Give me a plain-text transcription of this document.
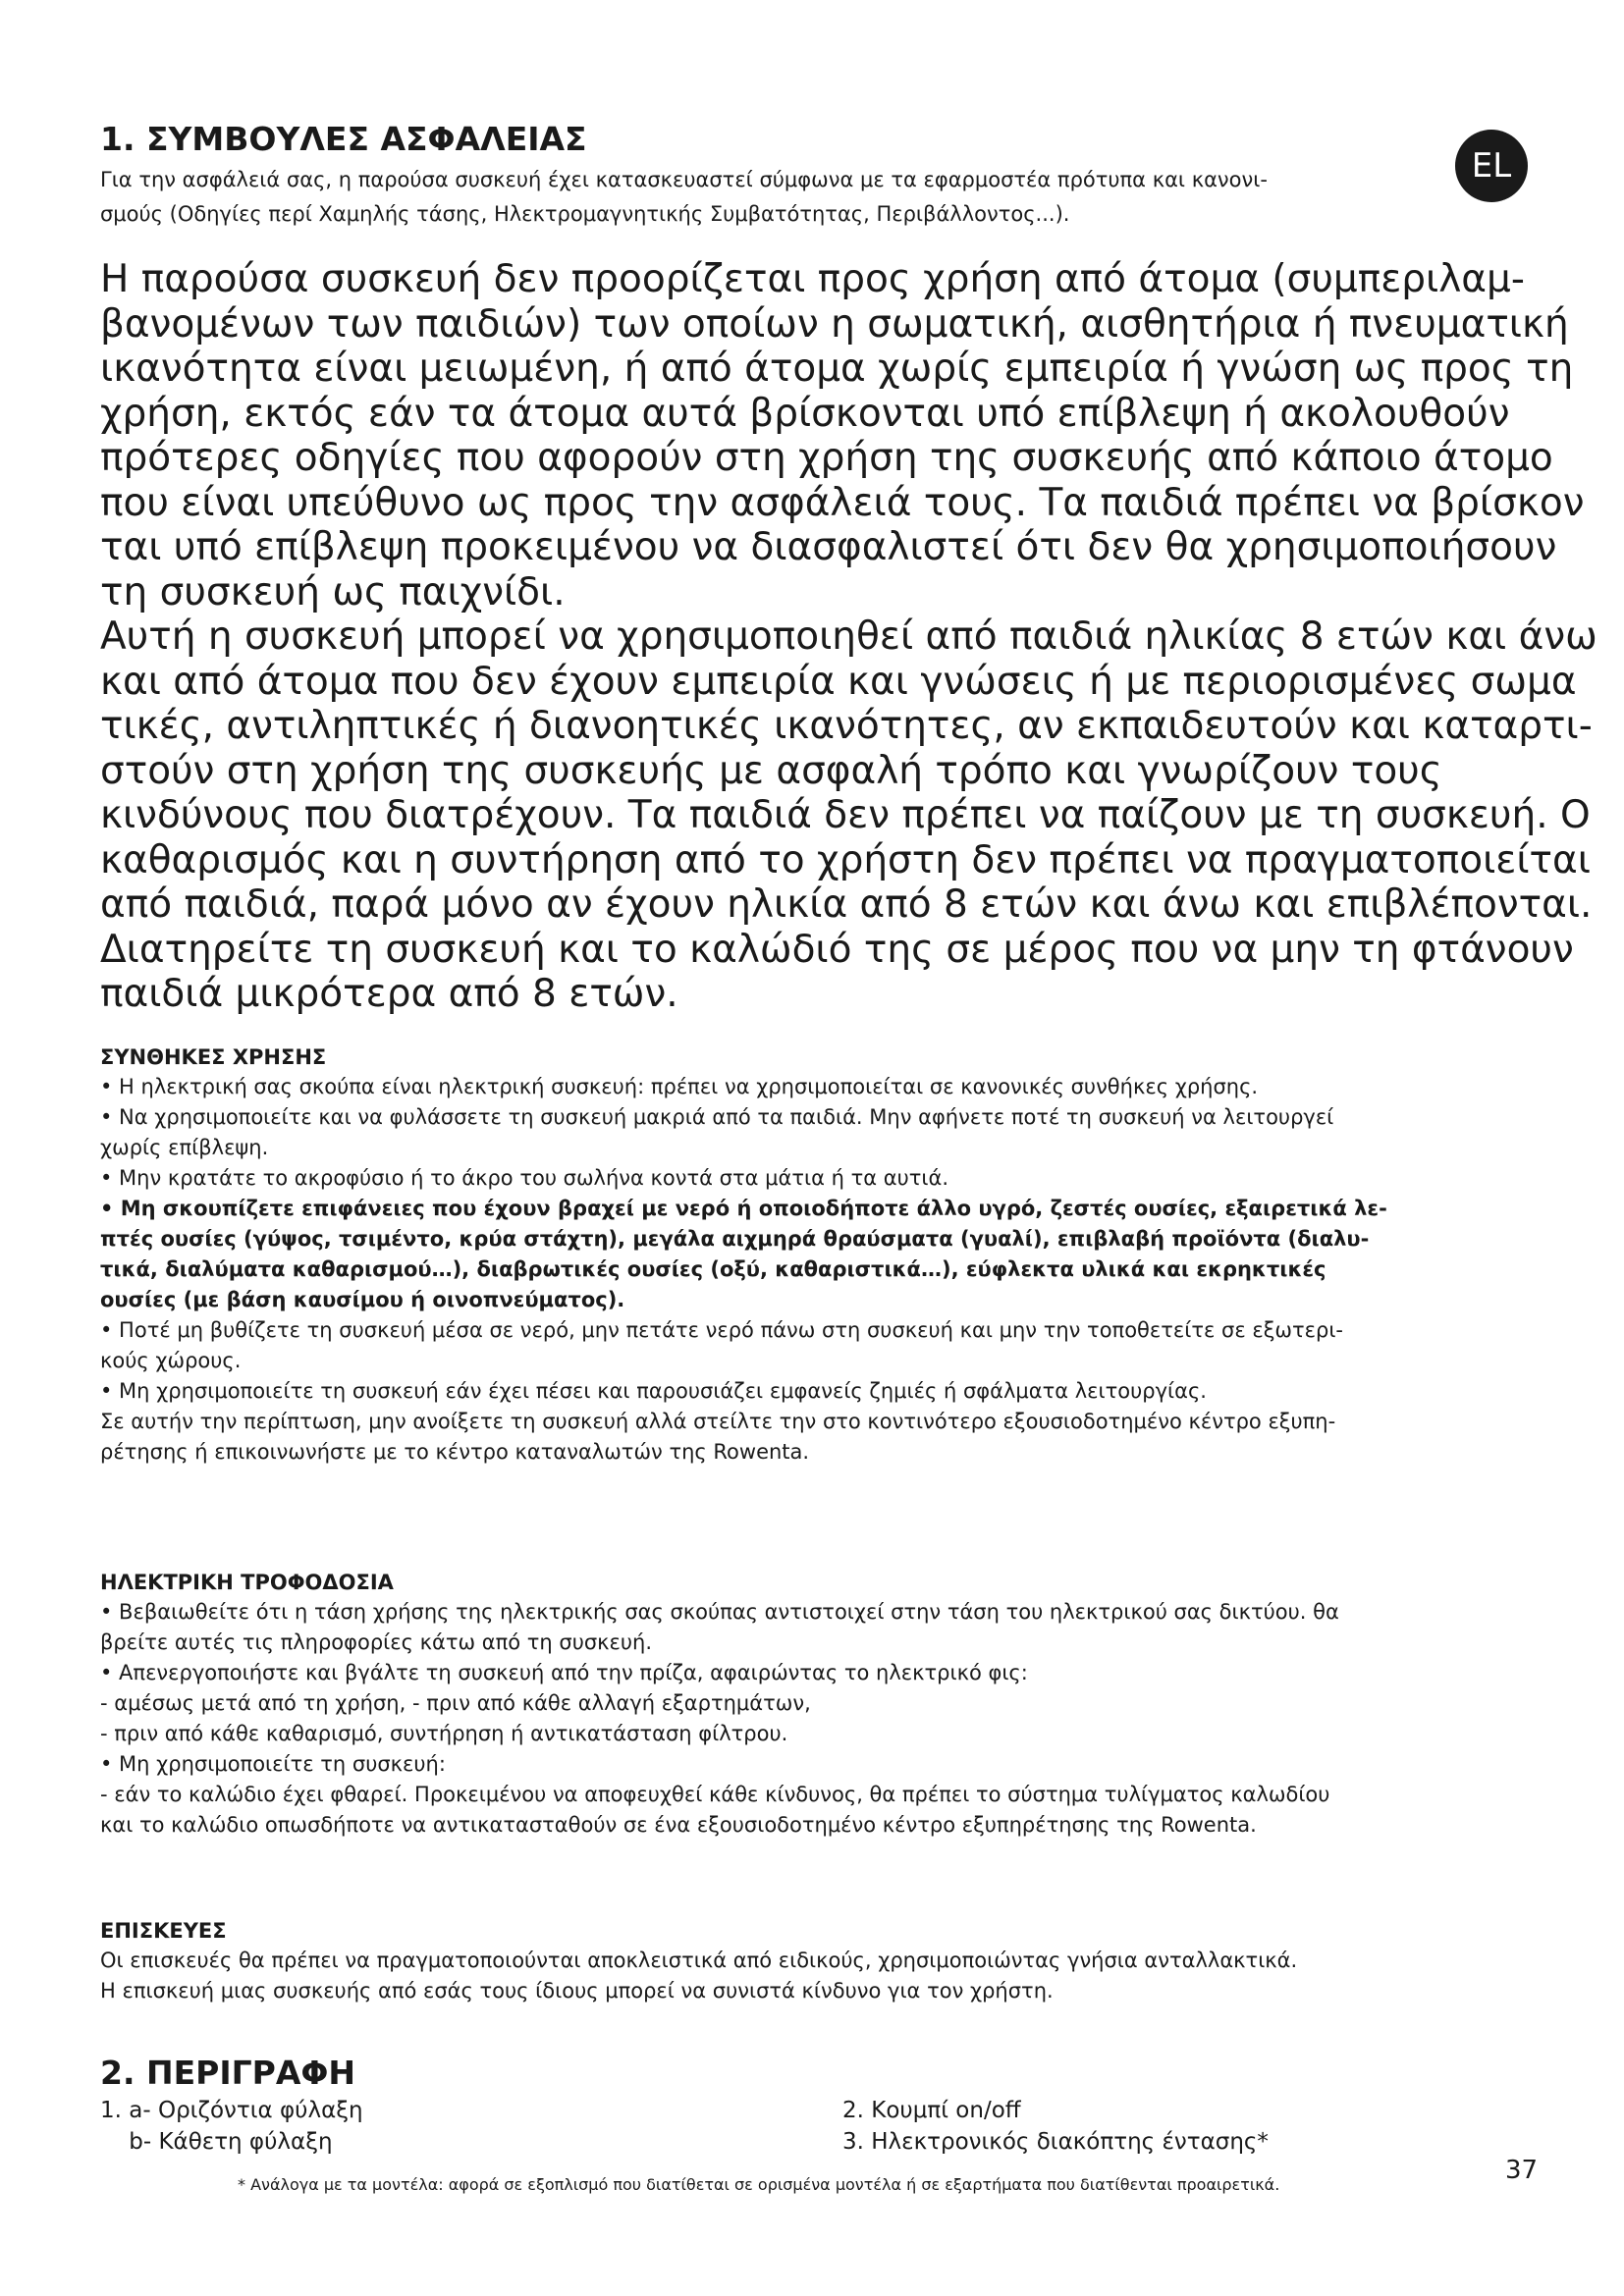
1. ΣΥΜΒΟΥΛΕΣ ΑΣΦΑΛΕΙΑΣ
EL
Για την ασφάλειά σας, η παρούσα συσκευή έχει κατασκευαστεί σύμφωνα με τα εφαρμοστέα πρότυπα και κανονι-
σμούς (Οδηγίες περί Χαμηλής τάσης, Ηλεκτρομαγνητικής Συμβατότητας, Περιβάλλοντος...).
Η παρούσα συσκευή δεν προορίζεται προς χρήση από άτομα (συμπεριλαμ-
βανομένων των παιδιών) των οποίων η σωματική, αισθητήρια ή πνευματική
ικανότητα είναι μειωμένη, ή από άτομα χωρίς εμπειρία ή γνώση ως προς τη
χρήση, εκτός εάν τα άτομα αυτά βρίσκονται υπό επίβλεψη ή ακολουθούν
πρότερες οδηγίες που αφορούν στη χρήση της συσκευής από κάποιο άτομο
που είναι υπεύθυνο ως προς την ασφάλειά τους. Τα παιδιά πρέπει να βρίσκον
ται υπό επίβλεψη προκειμένου να διασφαλιστεί ότι δεν θα χρησιμοποιήσουν
τη συσκευή ως παιχνίδι.
Αυτή η συσκευή μπορεί να χρησιμοποιηθεί από παιδιά ηλικίας 8 ετών και άνω
και από άτομα που δεν έχουν εμπειρία και γνώσεις ή με περιορισμένες σωμα
τικές, αντιληπτικές ή διανοητικές ικανότητες, αν εκπαιδευτούν και καταρτι-
στούν στη χρήση της συσκευής με ασφαλή τρόπο και γνωρίζουν τους
κινδύνους που διατρέχουν. Τα παιδιά δεν πρέπει να παίζουν με τη συσκευή. Ο
καθαρισμός και η συντήρηση από το χρήστη δεν πρέπει να πραγματοποιείται
από παιδιά, παρά μόνο αν έχουν ηλικία από 8 ετών και άνω και επιβλέπονται.
Διατηρείτε τη συσκευή και το καλώδιό της σε μέρος που να μην τη φτάνουν
παιδιά μικρότερα από 8 ετών.
ΣΥΝΘΗΚΕΣ ΧΡΗΣΗΣ
• Η ηλεκτρική σας σκούπα είναι ηλεκτρική συσκευή: πρέπει να χρησιμοποιείται σε κανονικές συνθήκες χρήσης.
• Να χρησιμοποιείτε και να φυλάσσετε τη συσκευή μακριά από τα παιδιά. Μην αφήνετε ποτέ τη συσκευή να λειτουργεί
χωρίς επίβλεψη.
• Μην κρατάτε το ακροφύσιο ή το άκρο του σωλήνα κοντά στα μάτια ή τα αυτιά.
• Μη σκουπίζετε επιφάνειες που έχουν βραχεί με νερό ή οποιοδήποτε άλλο υγρό, ζεστές ουσίες, εξαιρετικά λε-
πτές ουσίες (γύψος, τσιμέντο, κρύα στάχτη), μεγάλα αιχμηρά θραύσματα (γυαλί), επιβλαβή προϊόντα (διαλυ-
τικά, διαλύματα καθαρισμού…), διαβρωτικές ουσίες (οξύ, καθαριστικά…), εύφλεκτα υλικά και εκρηκτικές
ουσίες (με βάση καυσίμου ή οινοπνεύματος).
• Ποτέ μη βυθίζετε τη συσκευή μέσα σε νερό, μην πετάτε νερό πάνω στη συσκευή και μην την τοποθετείτε σε εξωτερι-
κούς χώρους.
• Μη χρησιμοποιείτε τη συσκευή εάν έχει πέσει και παρουσιάζει εμφανείς ζημιές ή σφάλματα λειτουργίας.
Σε αυτήν την περίπτωση, μην ανοίξετε τη συσκευή αλλά στείλτε την στο κοντινότερο εξουσιοδοτημένο κέντρο εξυπη-
ρέτησης ή επικοινωνήστε με το κέντρο καταναλωτών της Rowenta.
ΗΛΕΚΤΡΙΚΗ ΤΡΟΦΟΔΟΣΙΑ
• Βεβαιωθείτε ότι η τάση χρήσης της ηλεκτρικής σας σκούπας αντιστοιχεί στην τάση του ηλεκτρικού σας δικτύου. θα
βρείτε αυτές τις πληροφορίες κάτω από τη συσκευή.
• Απενεργοποιήστε και βγάλτε τη συσκευή από την πρίζα, αφαιρώντας το ηλεκτρικό φις:
- αμέσως μετά από τη χρήση, - πριν από κάθε αλλαγή εξαρτημάτων,
- πριν από κάθε καθαρισμό, συντήρηση ή αντικατάσταση φίλτρου.
• Μη χρησιμοποιείτε τη συσκευή:
- εάν το καλώδιο έχει φθαρεί. Προκειμένου να αποφευχθεί κάθε κίνδυνος, θα πρέπει το σύστημα τυλίγματος καλωδίου
και το καλώδιο οπωσδήποτε να αντικατασταθούν σε ένα εξουσιοδοτημένο κέντρο εξυπηρέτησης της Rowenta.
ΕΠΙΣΚΕΥΕΣ
Οι επισκευές θα πρέπει να πραγματοποιούνται αποκλειστικά από ειδικούς, χρησιμοποιώντας γνήσια ανταλλακτικά.
Η επισκευή μιας συσκευής από εσάς τους ίδιους μπορεί να συνιστά κίνδυνο για τον χρήστη.
2. ΠΕΡΙΓΡΑΦΗ
1. a- Οριζόντια φύλαξη
b- Κάθετη φύλαξη
2. Κουμπί on/off
3. Ηλεκτρονικός διακόπτης έντασης*
* Ανάλογα με τα μοντέλα: αφορά σε εξοπλισμό που διατίθεται σε ορισμένα μοντέλα ή σε εξαρτήματα που διατίθενται προαιρετικά.	37
